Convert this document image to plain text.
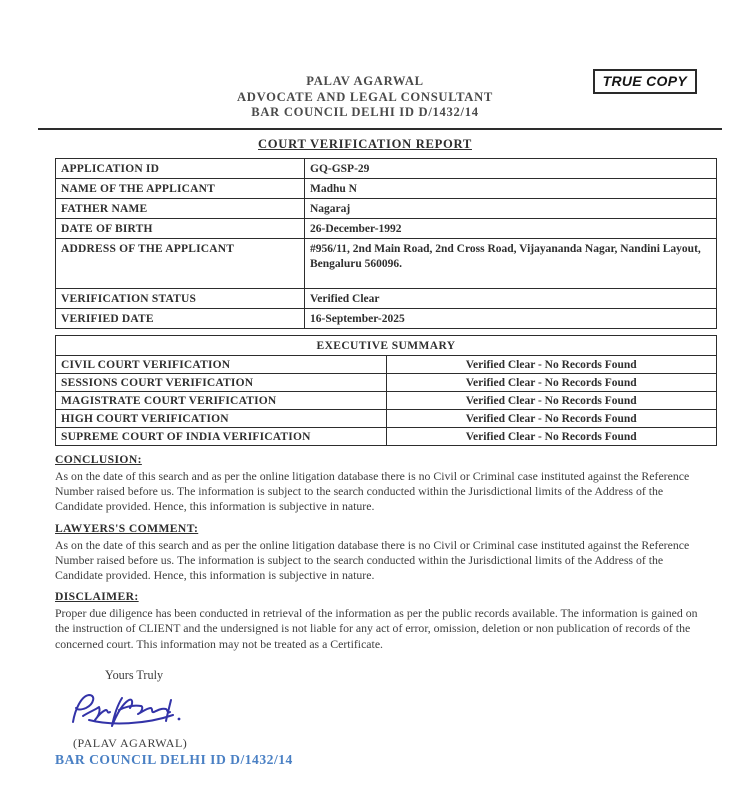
PALAV AGARWAL
ADVOCATE AND LEGAL CONSULTANT
BAR COUNCIL DELHI ID D/1432/14
TRUE COPY
COURT VERIFICATION REPORT
APPLICATION ID	GQ-GSP-29
NAME OF THE APPLICANT	Madhu N
FATHER NAME	Nagaraj
DATE OF BIRTH	26-December-1992
ADDRESS OF THE APPLICANT	#956/11, 2nd Main Road, 2nd Cross Road, Vijayananda Nagar, Nandini Layout, Bengaluru 560096.
VERIFICATION STATUS	Verified Clear
VERIFIED DATE	16-September-2025
EXECUTIVE SUMMARY	
CIVIL COURT VERIFICATION	Verified Clear - No Records Found
SESSIONS COURT VERIFICATION	Verified Clear - No Records Found
MAGISTRATE COURT VERIFICATION	Verified Clear - No Records Found
HIGH COURT VERIFICATION	Verified Clear - No Records Found
SUPREME COURT OF INDIA VERIFICATION	Verified Clear - No Records Found
CONCLUSION:

As on the date of this search and as per the online litigation database there is no Civil or Criminal case instituted against the Reference Number raised before us. The information is subject to the search conducted within the Jurisdictional limits of the Address of the Candidate provided. Hence, this information is subjective in nature.

LAWYERS'S COMMENT:

As on the date of this search and as per the online litigation database there is no Civil or Criminal case instituted against the Reference Number raised before us. The information is subject to the search conducted within the Jurisdictional limits of the Address of the Candidate provided. Hence, this information is subjective in nature.

DISCLAIMER:

Proper due diligence has been conducted in retrieval of the information as per the public records available. The information is gained on the instruction of CLIENT and the undersigned is not liable for any act of error, omission, deletion or non publication of records of the concerned court. This information may not be treated as a Certificate.

Yours Truly
(PALAV AGARWAL)
BAR COUNCIL DELHI ID D/1432/14
